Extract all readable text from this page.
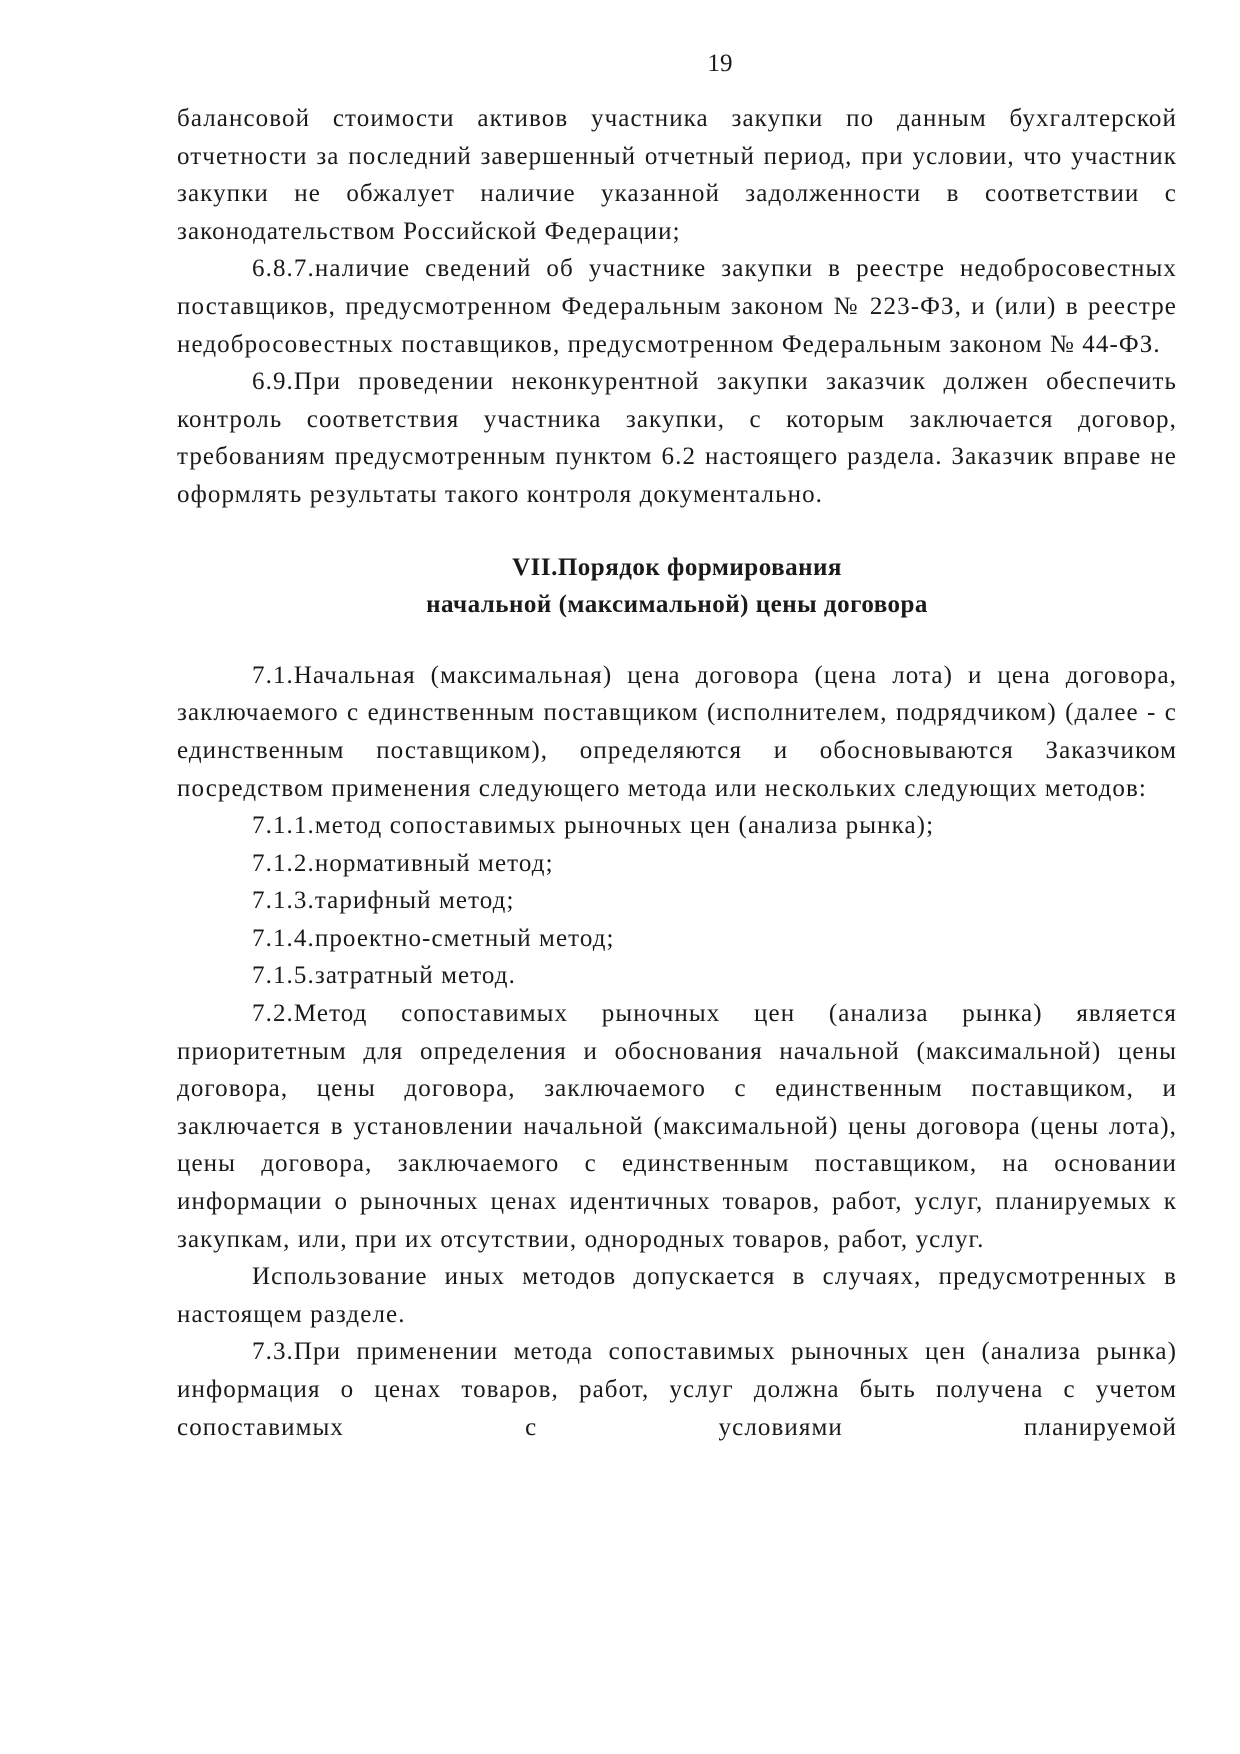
19

балансовой стоимости активов участника закупки по данным бухгалтерской отчетности за последний завершенный отчетный период, при условии, что участник закупки не обжалует наличие указанной задолженности в соответствии с законодательством Российской Федерации;

6.8.7.наличие сведений об участнике закупки в реестре недобросовестных поставщиков, предусмотренном Федеральным законом № 223-ФЗ, и (или) в реестре недобросовестных поставщиков, предусмотренном Федеральным законом № 44-ФЗ.

6.9.При проведении неконкурентной закупки заказчик должен обеспечить контроль соответствия участника закупки, с которым заключается договор, требованиям предусмотренным пунктом 6.2 настоящего раздела. Заказчик вправе не оформлять результаты такого контроля документально.

VII.Порядок формирования
начальной (максимальной) цены договора

7.1.Начальная (максимальная) цена договора (цена лота) и цена договора, заключаемого с единственным поставщиком (исполнителем, подрядчиком) (далее - с единственным поставщиком), определяются и обосновываются Заказчиком посредством применения следующего метода или нескольких следующих методов:

7.1.1.метод сопоставимых рыночных цен (анализа рынка);

7.1.2.нормативный метод;

7.1.3.тарифный метод;

7.1.4.проектно-сметный метод;

7.1.5.затратный метод.

7.2.Метод сопоставимых рыночных цен (анализа рынка) является приоритетным для определения и обоснования начальной (максимальной) цены договора, цены договора, заключаемого с единственным поставщиком, и заключается в установлении начальной (максимальной) цены договора (цены лота), цены договора, заключаемого с единственным поставщиком, на основании информации о рыночных ценах идентичных товаров, работ, услуг, планируемых к закупкам, или, при их отсутствии, однородных товаров, работ, услуг.

Использование иных методов допускается в случаях, предусмотренных в настоящем разделе.

7.3.При применении метода сопоставимых рыночных цен (анализа рынка) информация о ценах товаров, работ, услуг должна быть получена с учетом сопоставимых с условиями планируемой
